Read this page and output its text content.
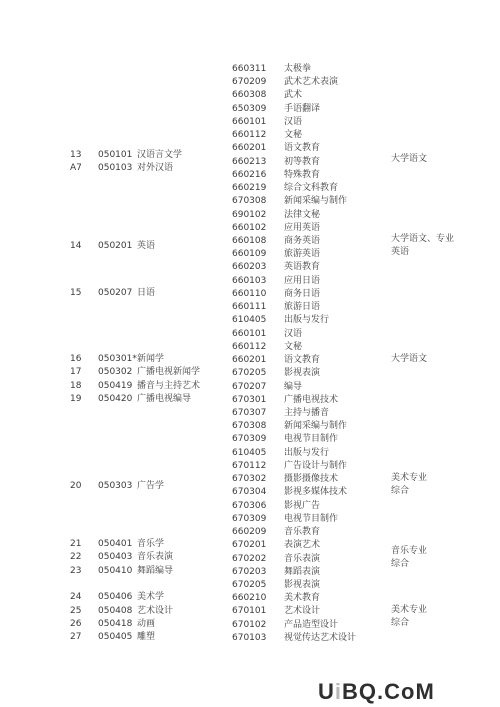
13 050101 汉语言文学
A7 050103 对外汉语
14 050201 英语
15 050207 日语
16 050301* 新闻学
17 050302 广播电视新闻学
18 050419 播音与主持艺术
19 050420 广播电视编导
20 050303 广告学
21 050401 音乐学
22 050403 音乐表演
23 050410 舞蹈编导
24 050406 美术学
25 050408 艺术设计
26 050418 动画
27 050405 雕塑
660311 太极拳
670209 武术艺术表演
660308 武术
650309 手语翻译
660101 汉语
660112 文秘
660201 语文教育
660213 初等教育
660216 特殊教育
660219 综合文科教育
670308 新闻采编与制作
690102 法律文秘
660102 应用英语
660108 商务英语
660109 旅游英语
660203 英语教育
660103 应用日语
660110 商务日语
660111 旅游日语
610405 出版与发行
660101 汉语
660112 文秘
660201 语文教育
670205 影视表演
670207 编导
670301 广播电视技术
670307 主持与播音
670308 新闻采编与制作
670309 电视节目制作
610405 出版与发行
670112 广告设计与制作
670302 摄影摄像技术
670304 影视多媒体技术
670306 影视广告
670309 电视节目制作
660209 音乐教育
670201 表演艺术
670202 音乐表演
670203 舞蹈表演
670205 影视表演
660210 美术教育
670101 艺术设计
670102 产品造型设计
670103 视觉传达艺术设计
大学语文
大学语文、专业
英语
大学语文
美术专业
综合
音乐专业
综合
美术专业
综合
UiBQ.CoM
